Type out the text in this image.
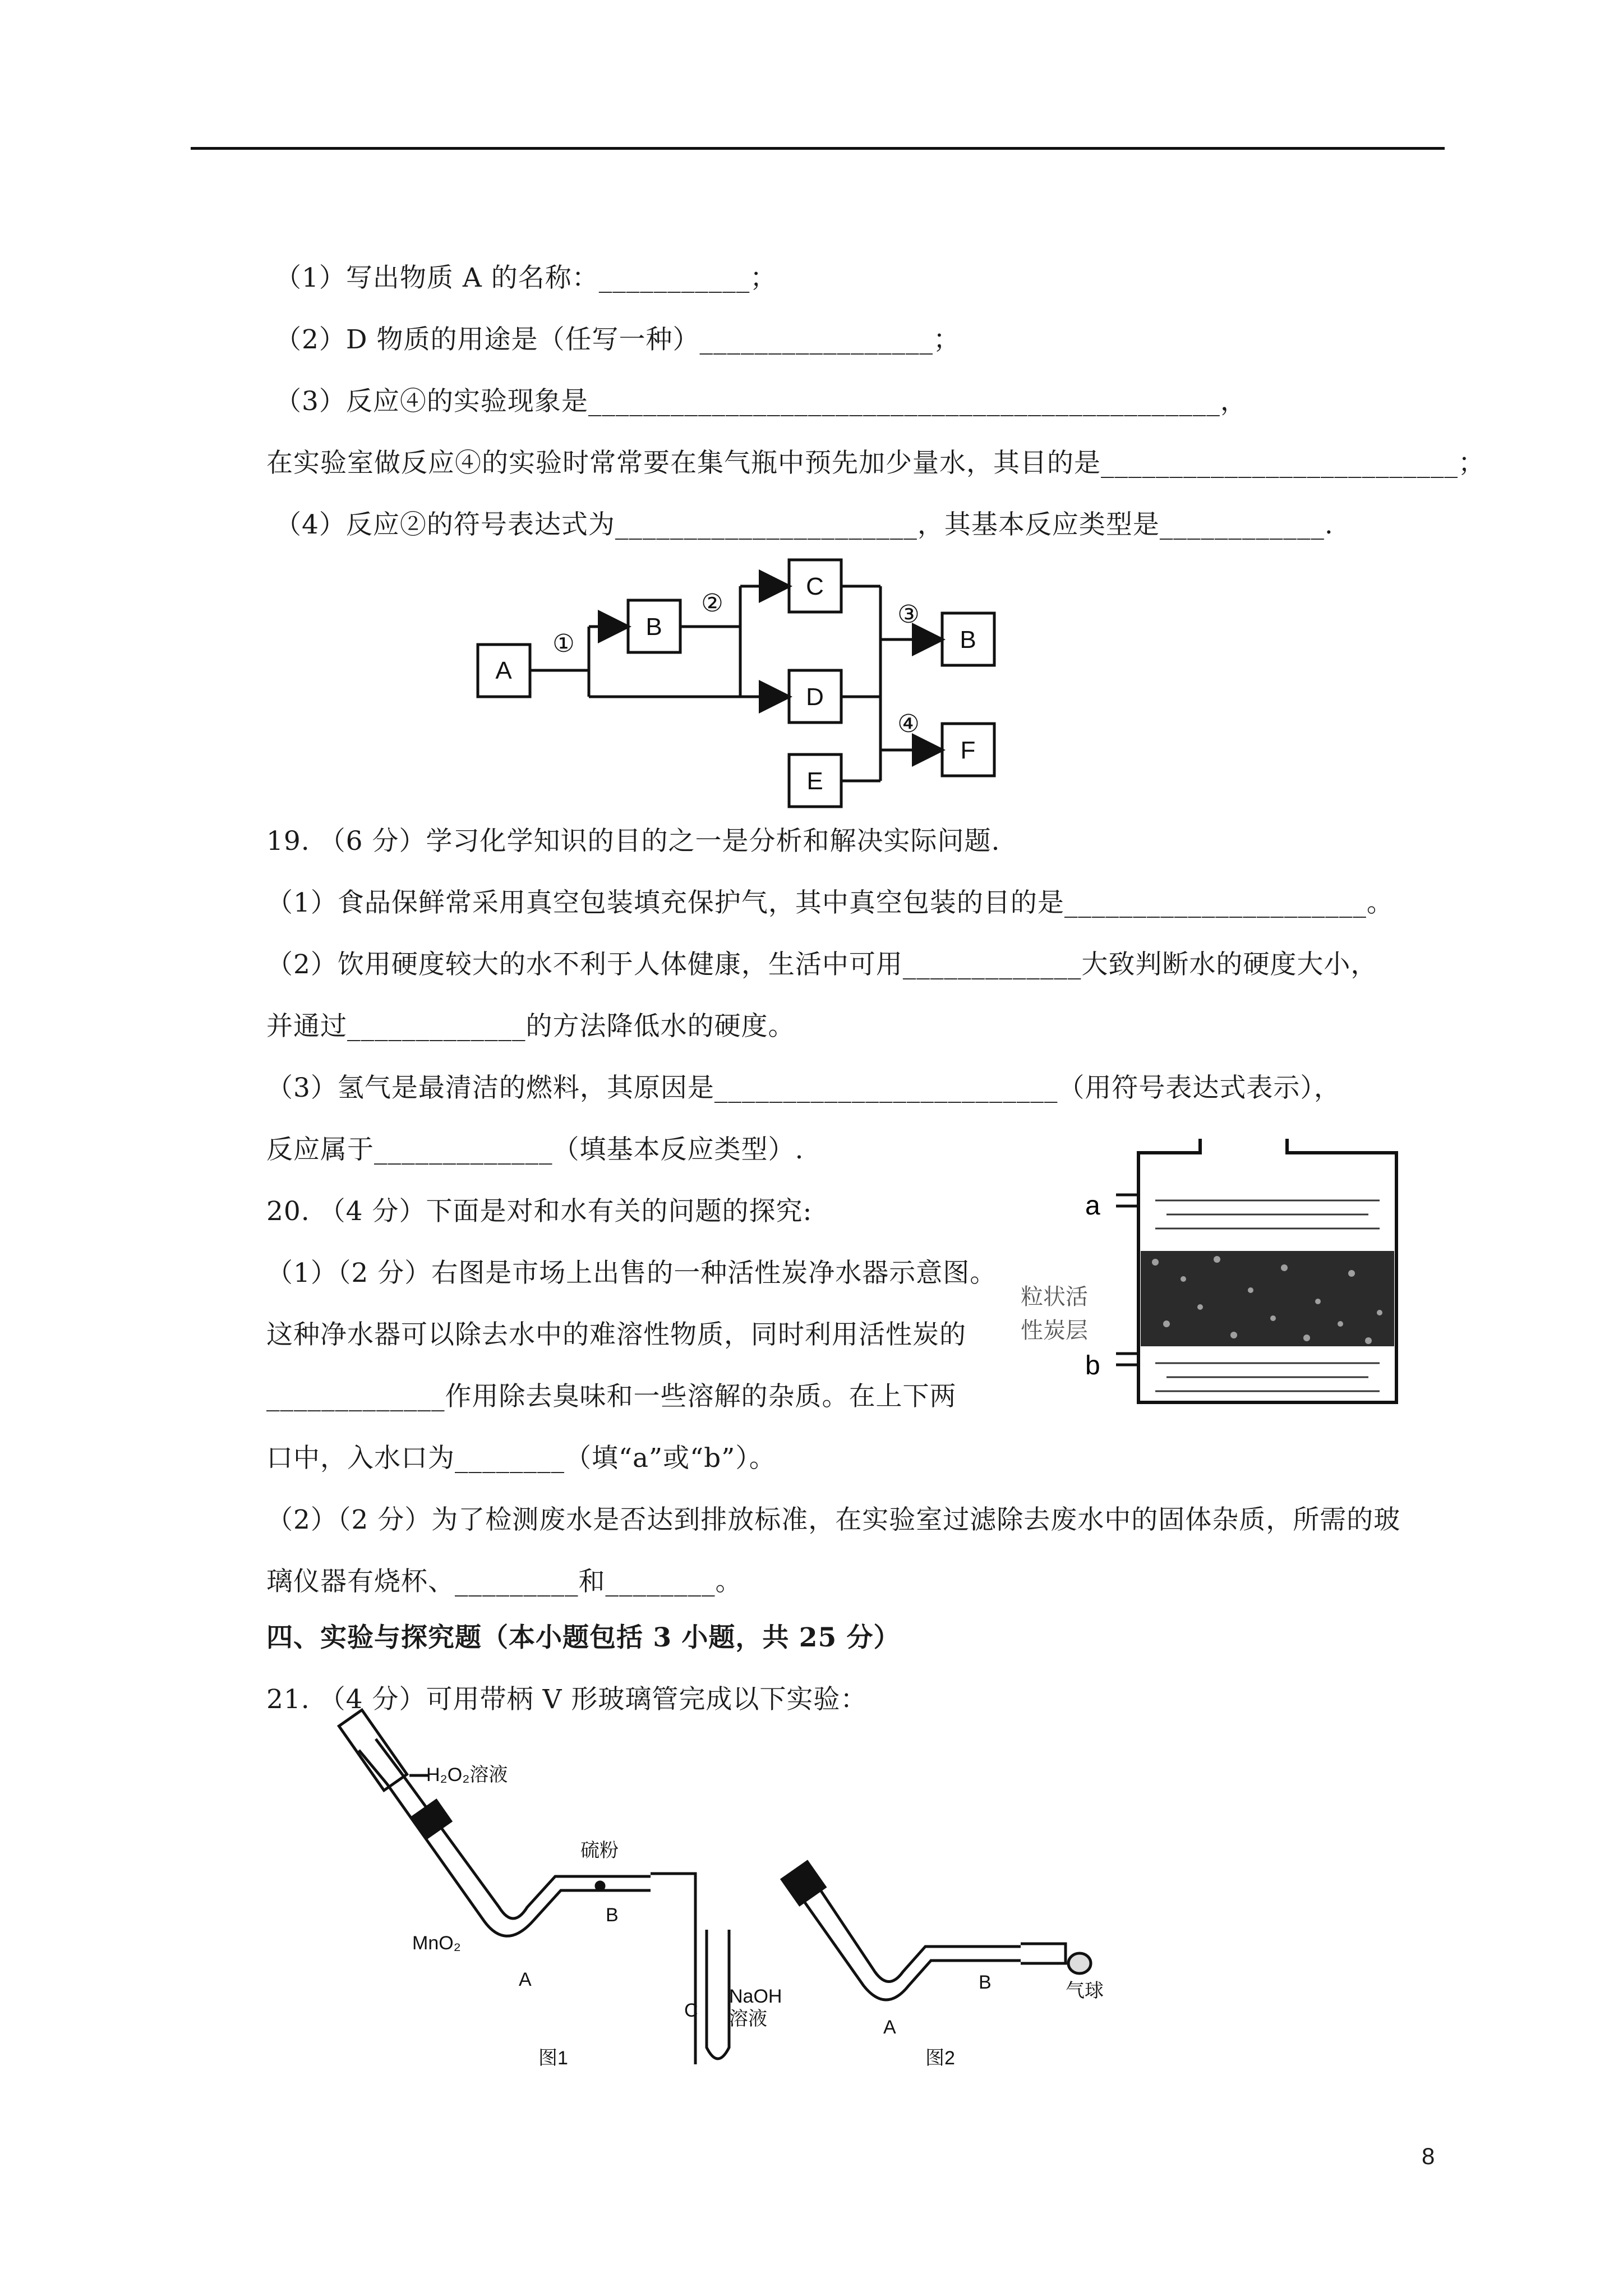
（1）写出物质 A 的名称：___________；
（2）D 物质的用途是（任写一种）_________________；
（3）反应④的实验现象是______________________________________________，
在实验室做反应④的实验时常常要在集气瓶中预先加少量水，其目的是__________________________；
（4）反应②的符号表达式为______________________，其基本反应类型是____________.
A
B
C
D
E
B
F
①
②	③
④
a
b
粒状活
性炭层
H₂O₂溶液
硫粉
MnO₂
A
B
C
NaOH
溶液
图1
A
B	气球
图2
19. （6 分）学习化学知识的目的之一是分析和解决实际问题.
（1）食品保鲜常采用真空包装填充保护气，其中真空包装的目的是______________________。
（2）饮用硬度较大的水不利于人体健康，生活中可用_____________大致判断水的硬度大小，
并通过_____________的方法降低水的硬度。
（3）氢气是最清洁的燃料，其原因是_________________________（用符号表达式表示），
反应属于_____________（填基本反应类型）.
20. （4 分）下面是对和水有关的问题的探究:
（1）（2 分）右图是市场上出售的一种活性炭净水器示意图。
这种净水器可以除去水中的难溶性物质，同时利用活性炭的
_____________作用除去臭味和一些溶解的杂质。在上下两
口中，入水口为________（填“a”或“b”）。
（2）（2 分）为了检测废水是否达到排放标准，在实验室过滤除去废水中的固体杂质，所需的玻
璃仪器有烧杯、_________和________。
四、实验与探究题（本小题包括 3 小题，共 25 分）
21. （4 分）可用带柄 V 形玻璃管完成以下实验：
8
